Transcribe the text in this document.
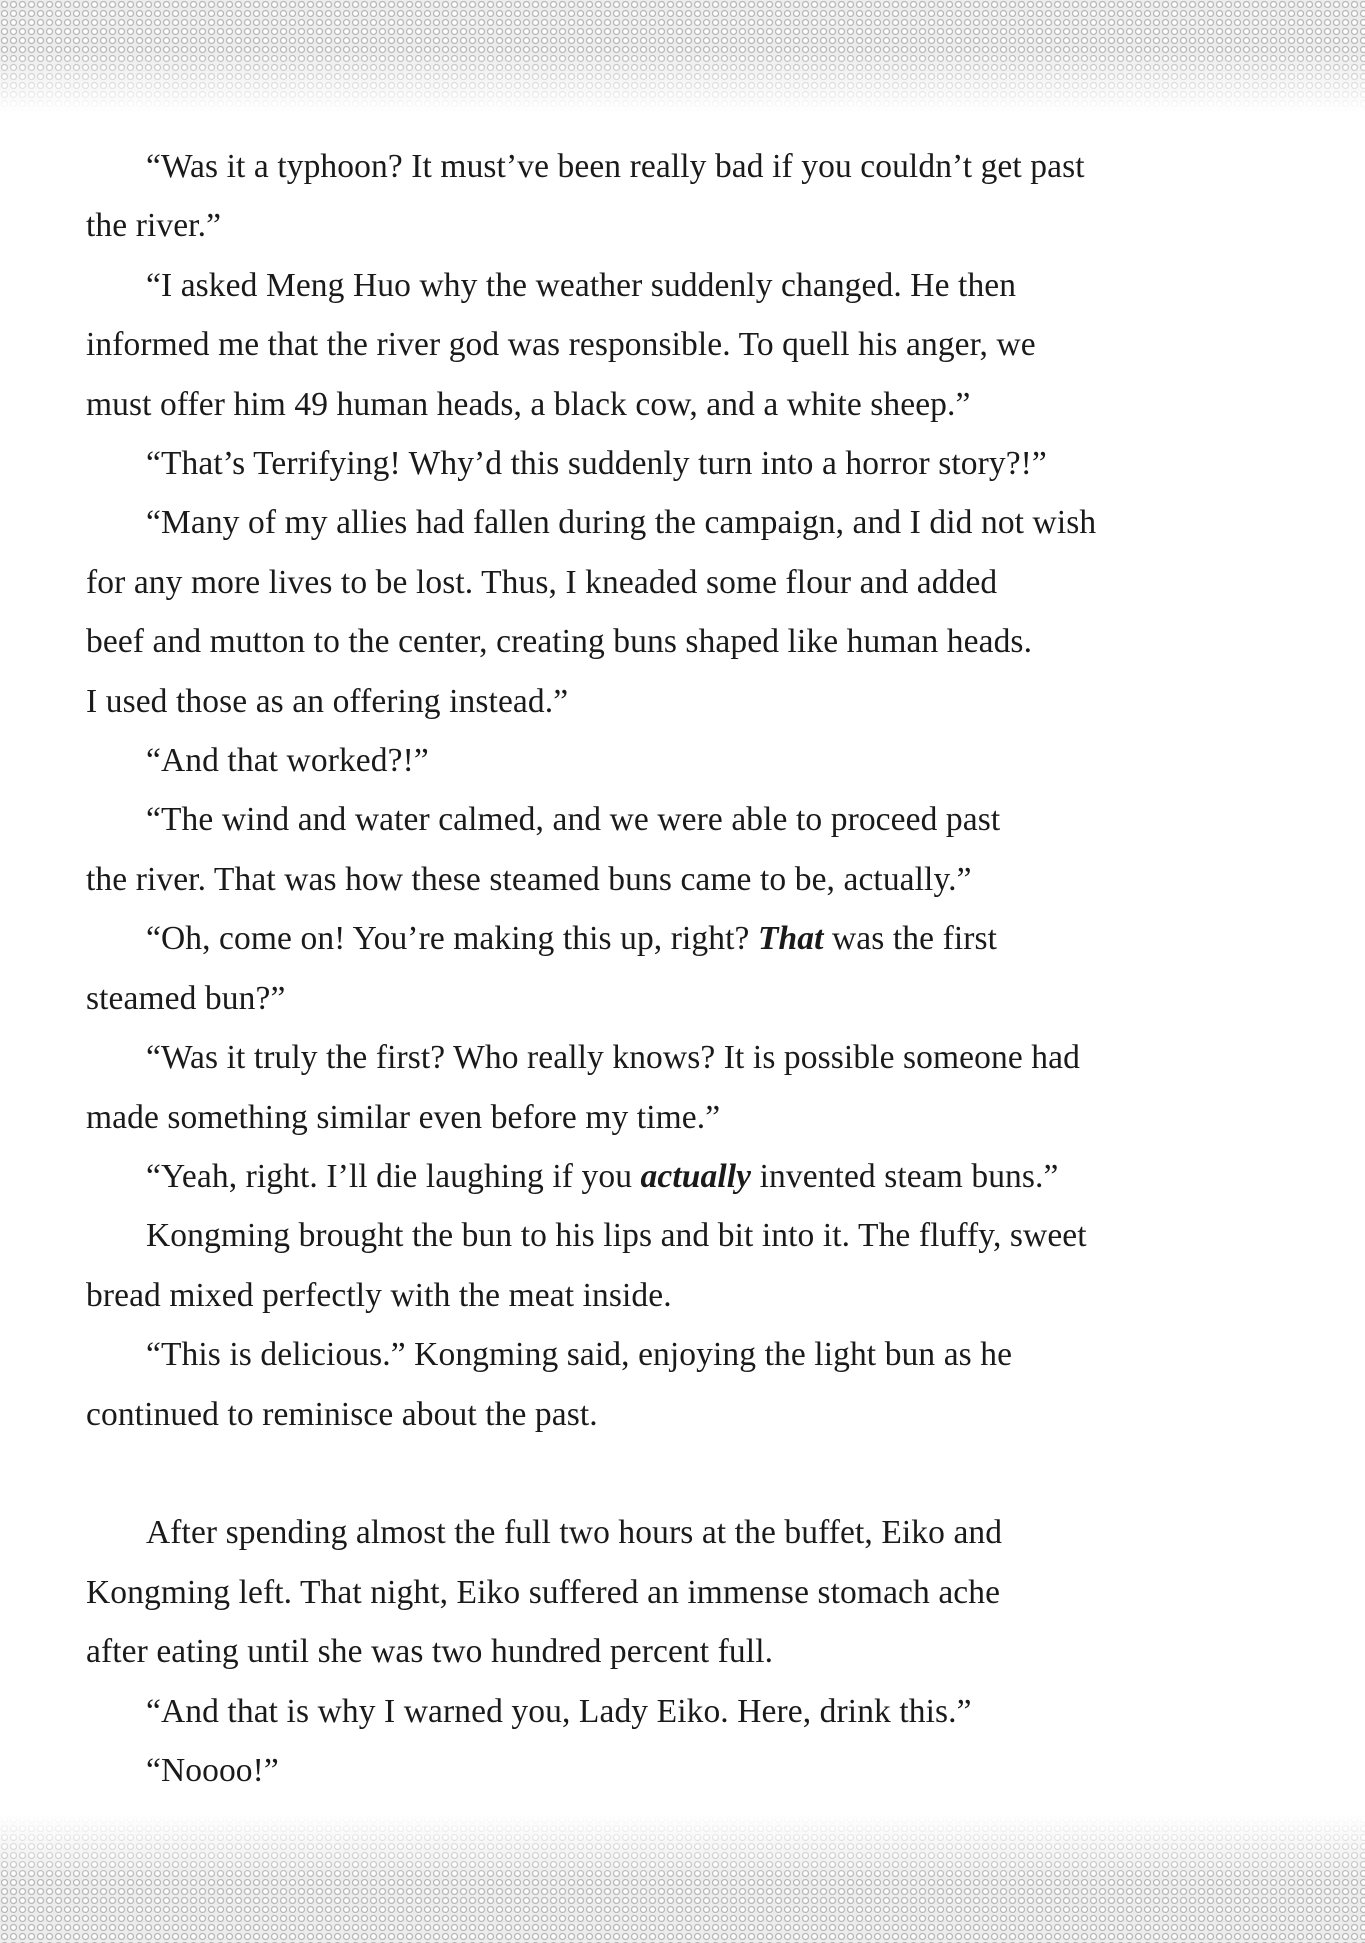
“Was it a typhoon? It must’ve been really bad if you couldn’t get past
the river.”

“I asked Meng Huo why the weather suddenly changed. He then
informed me that the river god was responsible. To quell his anger, we
must offer him 49 human heads, a black cow, and a white sheep.”

“That’s Terrifying! Why’d this suddenly turn into a horror story?!”

“Many of my allies had fallen during the campaign, and I did not wish
for any more lives to be lost. Thus, I kneaded some flour and added
beef and mutton to the center, creating buns shaped like human heads.
I used those as an offering instead.”

“And that worked?!”

“The wind and water calmed, and we were able to proceed past
the river. That was how these steamed buns came to be, actually.”

“Oh, come on! You’re making this up, right? That was the first
steamed bun?”

“Was it truly the first? Who really knows? It is possible someone had
made something similar even before my time.”

“Yeah, right. I’ll die laughing if you actually invented steam buns.”

Kongming brought the bun to his lips and bit into it. The fluffy, sweet
bread mixed perfectly with the meat inside.

“This is delicious.” Kongming said, enjoying the light bun as he
continued to reminisce about the past.

After spending almost the full two hours at the buffet, Eiko and
Kongming left. That night, Eiko suffered an immense stomach ache
after eating until she was two hundred percent full.

“And that is why I warned you, Lady Eiko. Here, drink this.”

“Noooo!”
